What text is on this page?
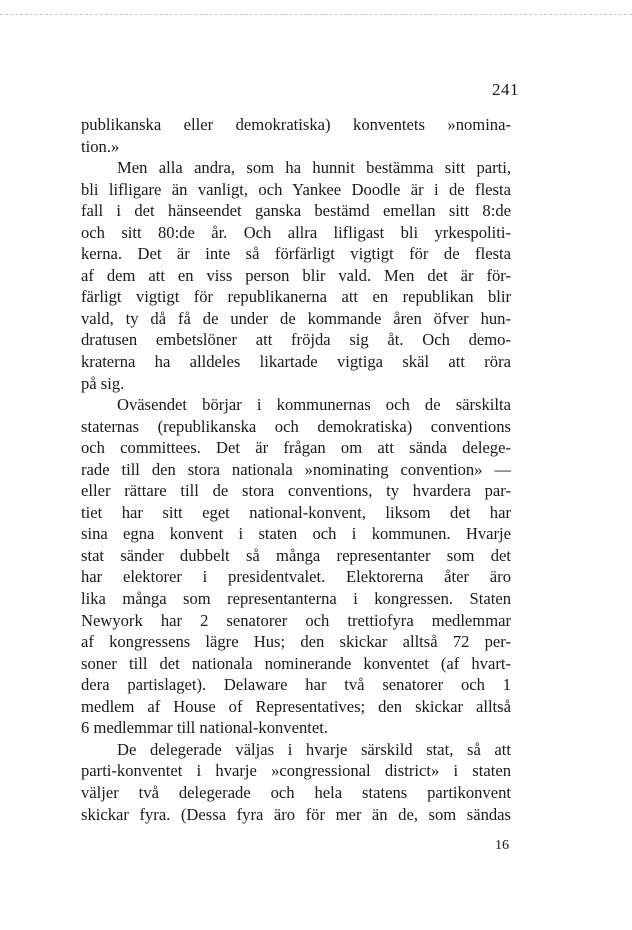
241

publikanska eller demokratiska) konventets »nomina-
tion.»

Men alla andra, som ha hunnit bestämma sitt parti,
bli lifligare än vanligt, och Yankee Doodle är i de flesta
fall i det hänseendet ganska bestämd emellan sitt 8:de
och sitt 80:de år. Och allra lifligast bli yrkespoliti-
kerna. Det är inte så förfärligt vigtigt för de flesta
af dem att en viss person blir vald. Men det är för-
färligt vigtigt för republikanerna att en republikan blir
vald, ty då få de under de kommande åren öfver hun-
dratusen embetslöner att fröjda sig åt. Och demo-
kraterna ha alldeles likartade vigtiga skäl att röra
på sig.

Oväsendet börjar i kommunernas och de särskilta
staternas (republikanska och demokratiska) conventions
och committees. Det är frågan om att sända delege-
rade till den stora nationala »nominating convention» —
eller rättare till de stora conventions, ty hvardera par-
tiet har sitt eget national-konvent, liksom det har
sina egna konvent i staten och i kommunen. Hvarje
stat sänder dubbelt så många representanter som det
har elektorer i presidentvalet. Elektorerna åter äro
lika många som representanterna i kongressen. Staten
Newyork har 2 senatorer och trettiofyra medlemmar
af kongressens lägre Hus; den skickar alltså 72 per-
soner till det nationala nominerande konventet (af hvart-
dera partislaget). Delaware har två senatorer och 1
medlem af House of Representatives; den skickar alltså
6 medlemmar till national-konventet.

De delegerade väljas i hvarje särskild stat, så att
parti-konventet i hvarje »congressional district» i staten
väljer två delegerade och hela statens partikonvent
skickar fyra. (Dessa fyra äro för mer än de, som sändas

16
